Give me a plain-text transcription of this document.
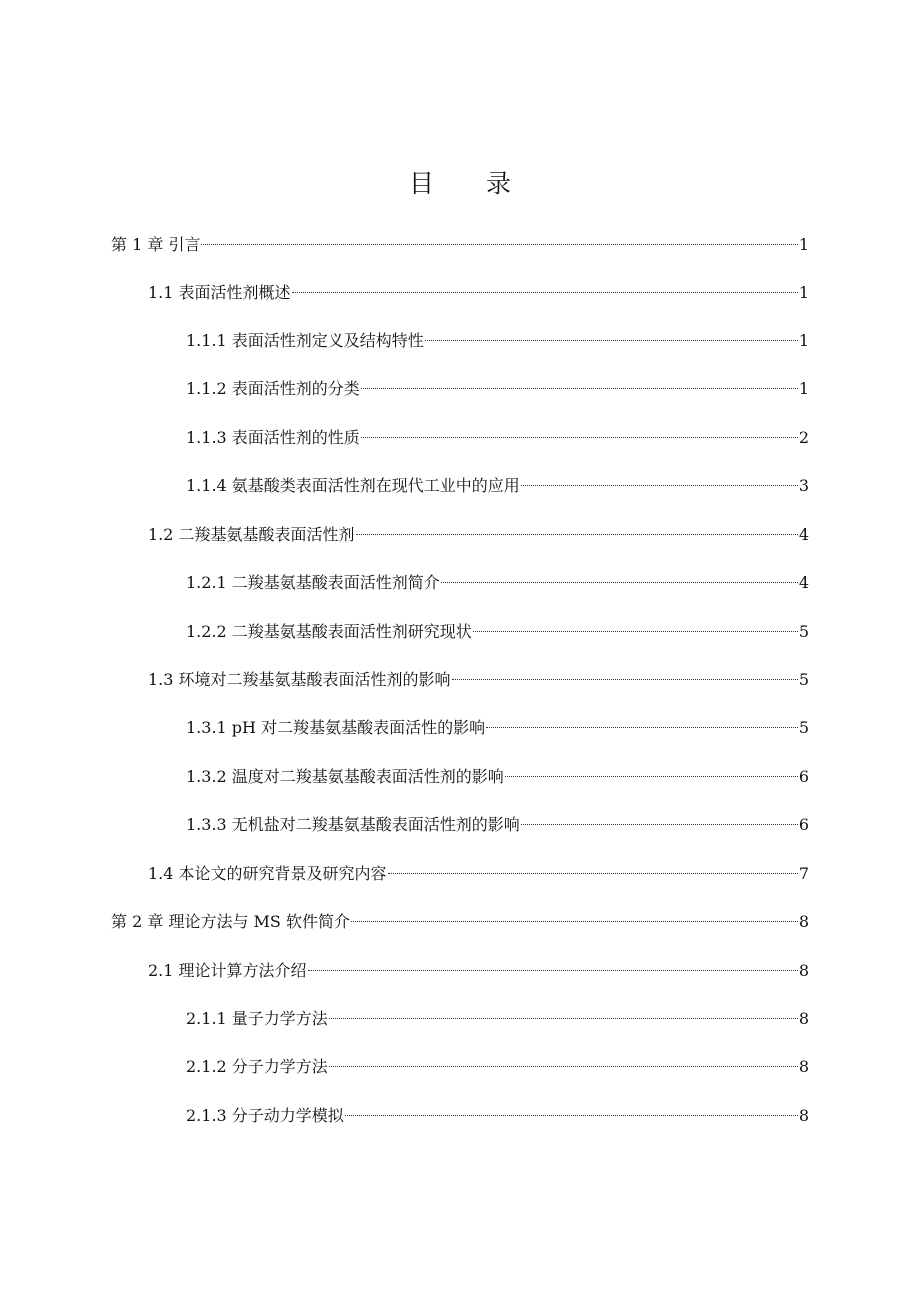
目 录
第 1 章 引言	1
1.1 表面活性剂概述	1
1.1.1 表面活性剂定义及结构特性	1
1.1.2 表面活性剂的分类	1
1.1.3 表面活性剂的性质	2
1.1.4 氨基酸类表面活性剂在现代工业中的应用	3
1.2 二羧基氨基酸表面活性剂	4
1.2.1 二羧基氨基酸表面活性剂简介	4
1.2.2 二羧基氨基酸表面活性剂研究现状	5
1.3 环境对二羧基氨基酸表面活性剂的影响	5
1.3.1 pH 对二羧基氨基酸表面活性的影响	5
1.3.2 温度对二羧基氨基酸表面活性剂的影响	6
1.3.3 无机盐对二羧基氨基酸表面活性剂的影响	6
1.4 本论文的研究背景及研究内容	7
第 2 章 理论方法与 MS 软件简介	8
2.1 理论计算方法介绍	8
2.1.1 量子力学方法	8
2.1.2 分子力学方法	8
2.1.3 分子动力学模拟	8
